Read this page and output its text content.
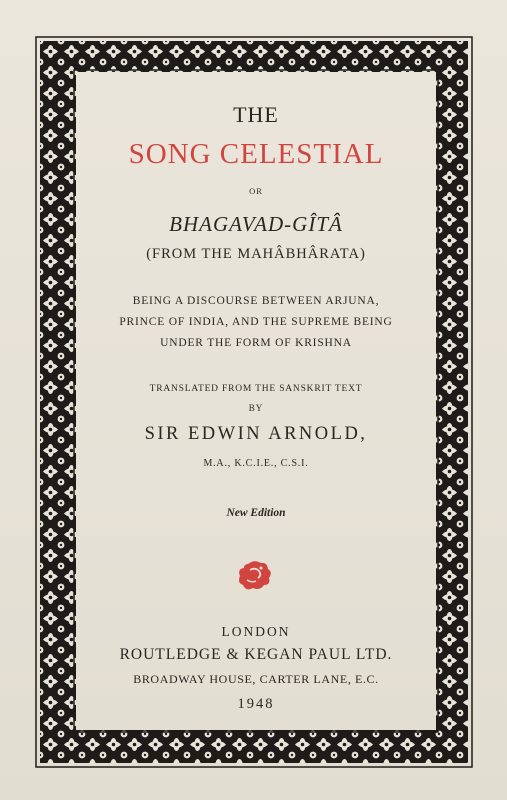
THE
SONG CELESTIAL
OR
BHAGAVAD-GÎTÂ
(FROM THE MAHÂBHÂRATA)
BEING A DISCOURSE BETWEEN ARJUNA,
PRINCE OF INDIA, AND THE SUPREME BEING
UNDER THE FORM OF KRISHNA
TRANSLATED FROM THE SANSKRIT TEXT
BY
SIR EDWIN ARNOLD,
M.A., K.C.I.E., C.S.I.
New Edition
LONDON
ROUTLEDGE & KEGAN PAUL LTD.
BROADWAY HOUSE, CARTER LANE, E.C.
1948
